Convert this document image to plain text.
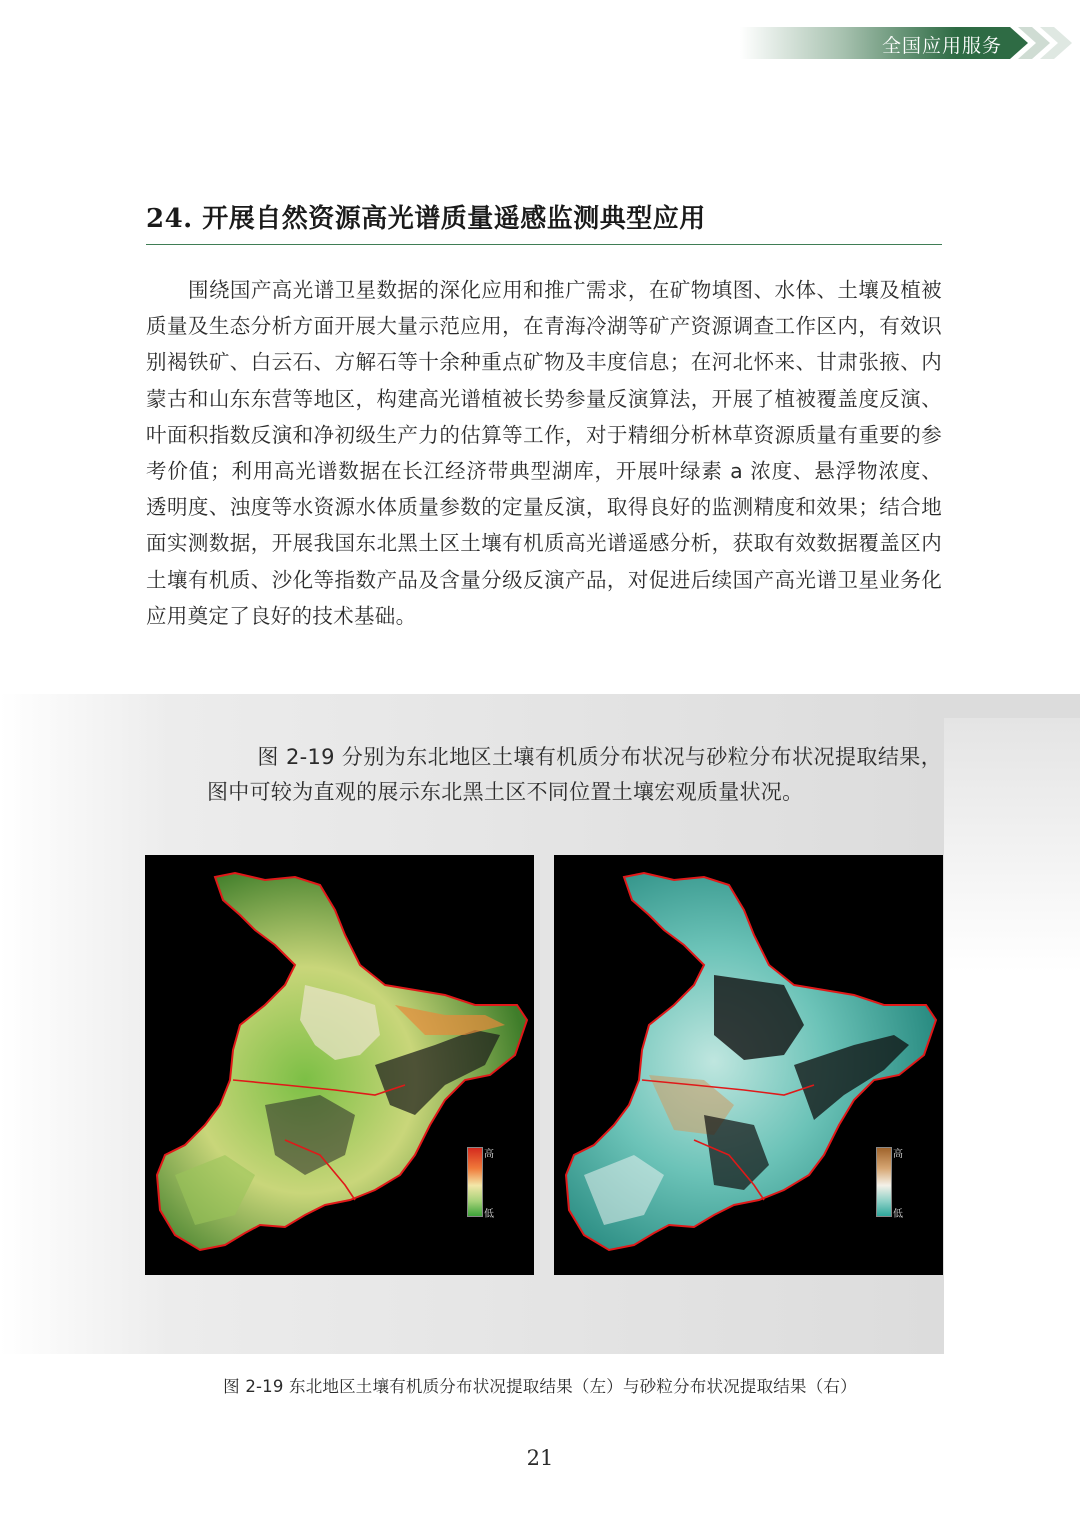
全国应用服务
24. 开展自然资源高光谱质量遥感监测典型应用

围绕国产高光谱卫星数据的深化应用和推广需求，在矿物填图、水体、土壤及植被质量及生态分析方面开展大量示范应用，在青海冷湖等矿产资源调查工作区内，有效识别褐铁矿、白云石、方解石等十余种重点矿物及丰度信息；在河北怀来、甘肃张掖、内蒙古和山东东营等地区，构建高光谱植被长势参量反演算法，开展了植被覆盖度反演、叶面积指数反演和净初级生产力的估算等工作，对于精细分析林草资源质量有重要的参考价值；利用高光谱数据在长江经济带典型湖库，开展叶绿素 a 浓度、悬浮物浓度、透明度、浊度等水资源水体质量参数的定量反演，取得良好的监测精度和效果；结合地面实测数据，开展我国东北黑土区土壤有机质高光谱遥感分析，获取有效数据覆盖区内土壤有机质、沙化等指数产品及含量分级反演产品，对促进后续国产高光谱卫星业务化应用奠定了良好的技术基础。

图 2-19 分别为东北地区土壤有机质分布状况与砂粒分布状况提取结果，图中可较为直观的展示东北黑土区不同位置土壤宏观质量状况。

高
低
高
低
图 2-19 东北地区土壤有机质分布状况提取结果（左）与砂粒分布状况提取结果（右）
21
